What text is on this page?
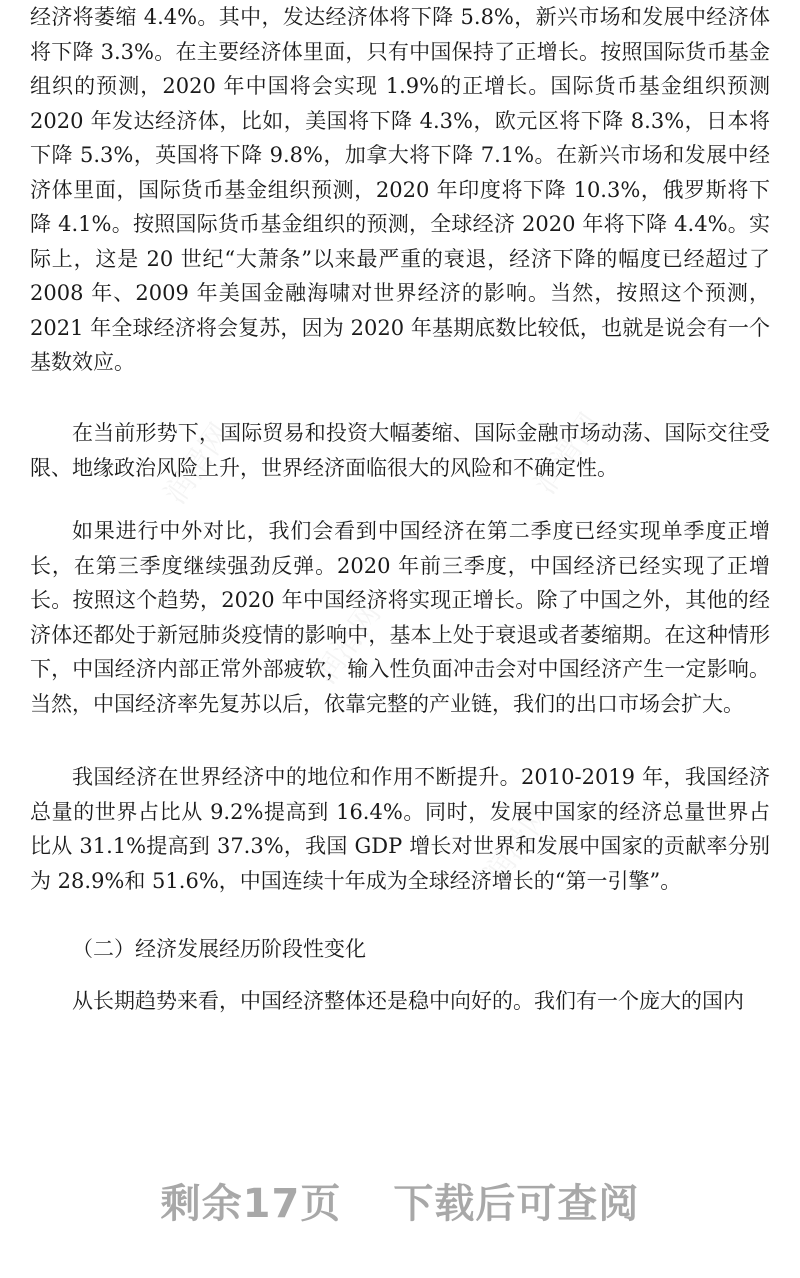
经济将萎缩 4.4%。其中，发达经济体将下降 5.8%，新兴市场和发展中经济体将下降 3.3%。在主要经济体里面，只有中国保持了正增长。按照国际货币基金组织的预测，2020 年中国将会实现 1.9%的正增长。国际货币基金组织预测 2020 年发达经济体，比如，美国将下降 4.3%，欧元区将下降 8.3%，日本将下降 5.3%，英国将下降 9.8%，加拿大将下降 7.1%。在新兴市场和发展中经济体里面，国际货币基金组织预测，2020 年印度将下降 10.3%，俄罗斯将下降 4.1%。按照国际货币基金组织的预测，全球经济 2020 年将下降 4.4%。实际上，这是 20 世纪“大萧条”以来最严重的衰退，经济下降的幅度已经超过了 2008 年、2009 年美国金融海啸对世界经济的影响。当然，按照这个预测，2021 年全球经济将会复苏，因为 2020 年基期底数比较低，也就是说会有一个基数效应。

在当前形势下，国际贸易和投资大幅萎缩、国际金融市场动荡、国际交往受限、地缘政治风险上升，世界经济面临很大的风险和不确定性。

如果进行中外对比，我们会看到中国经济在第二季度已经实现单季度正增长，在第三季度继续强劲反弹。2020 年前三季度，中国经济已经实现了正增长。按照这个趋势，2020 年中国经济将实现正增长。除了中国之外，其他的经济体还都处于新冠肺炎疫情的影响中，基本上处于衰退或者萎缩期。在这种情形下，中国经济内部正常外部疲软，输入性负面冲击会对中国经济产生一定影响。当然，中国经济率先复苏以后，依靠完整的产业链，我们的出口市场会扩大。

我国经济在世界经济中的地位和作用不断提升。2010-2019 年，我国经济总量的世界占比从 9.2%提高到 16.4%。同时，发展中国家的经济总量世界占比从 31.1%提高到 37.3%，我国 GDP 增长对世界和发展中国家的贡献率分别为 28.9%和 51.6%，中国连续十年成为全球经济增长的“第一引擎”。

（二）经济发展经历阶段性变化

从长期趋势来看，中国经济整体还是稳中向好的。我们有一个庞大的国内

剩余17页 下载后可查阅
